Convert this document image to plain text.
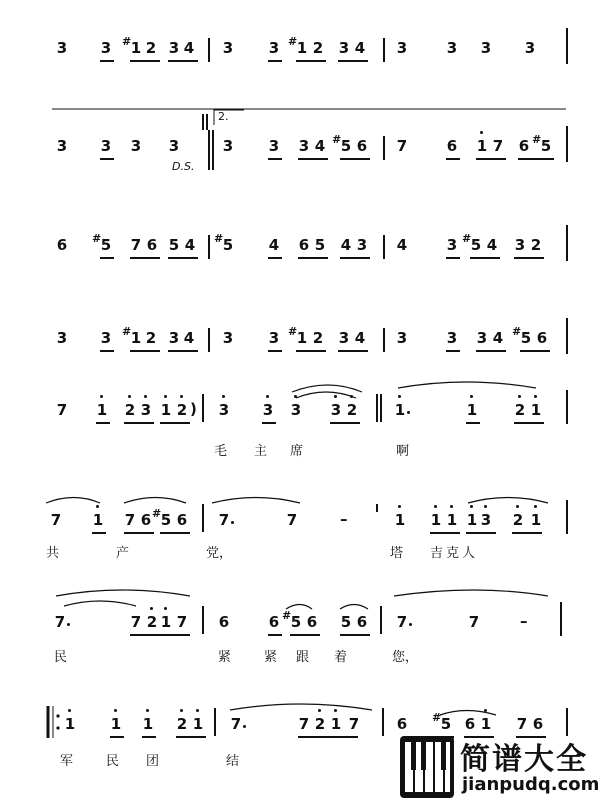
3 3 # 1 2 3 4 3 3 # 1 2 3 4 3	3 3 3
3 3 3 3
D.S.
2.
3 3 3 4 # 5 6 7	6 1 7 6 # 5
6 # 5 7 6 5 4 # 5 4 6 5 4 3 4	3 # 5 4 3 2
3 3 # 1 2 3 4 3 3 # 1 2 3 4 3	3 3 4 # 5 6
7 1 2 3 1 2 ) 3 3 3 3 2	1	1	2 1
毛 主 席	啊
7 1 7 6 # 5 6 7	7	–	1 1 1 1 3 2 1
共	产	党，	塔 吉 克 人
7	7 2 1 7 6	6 # 5 6 5 6 7	7	–
民	紧	紧 跟 着	您，
1 1 1 2 1 7	7 2 1 7	6 # 5 6 1 7 6
军	民 团	结	简谱大全
jianpudq.com
